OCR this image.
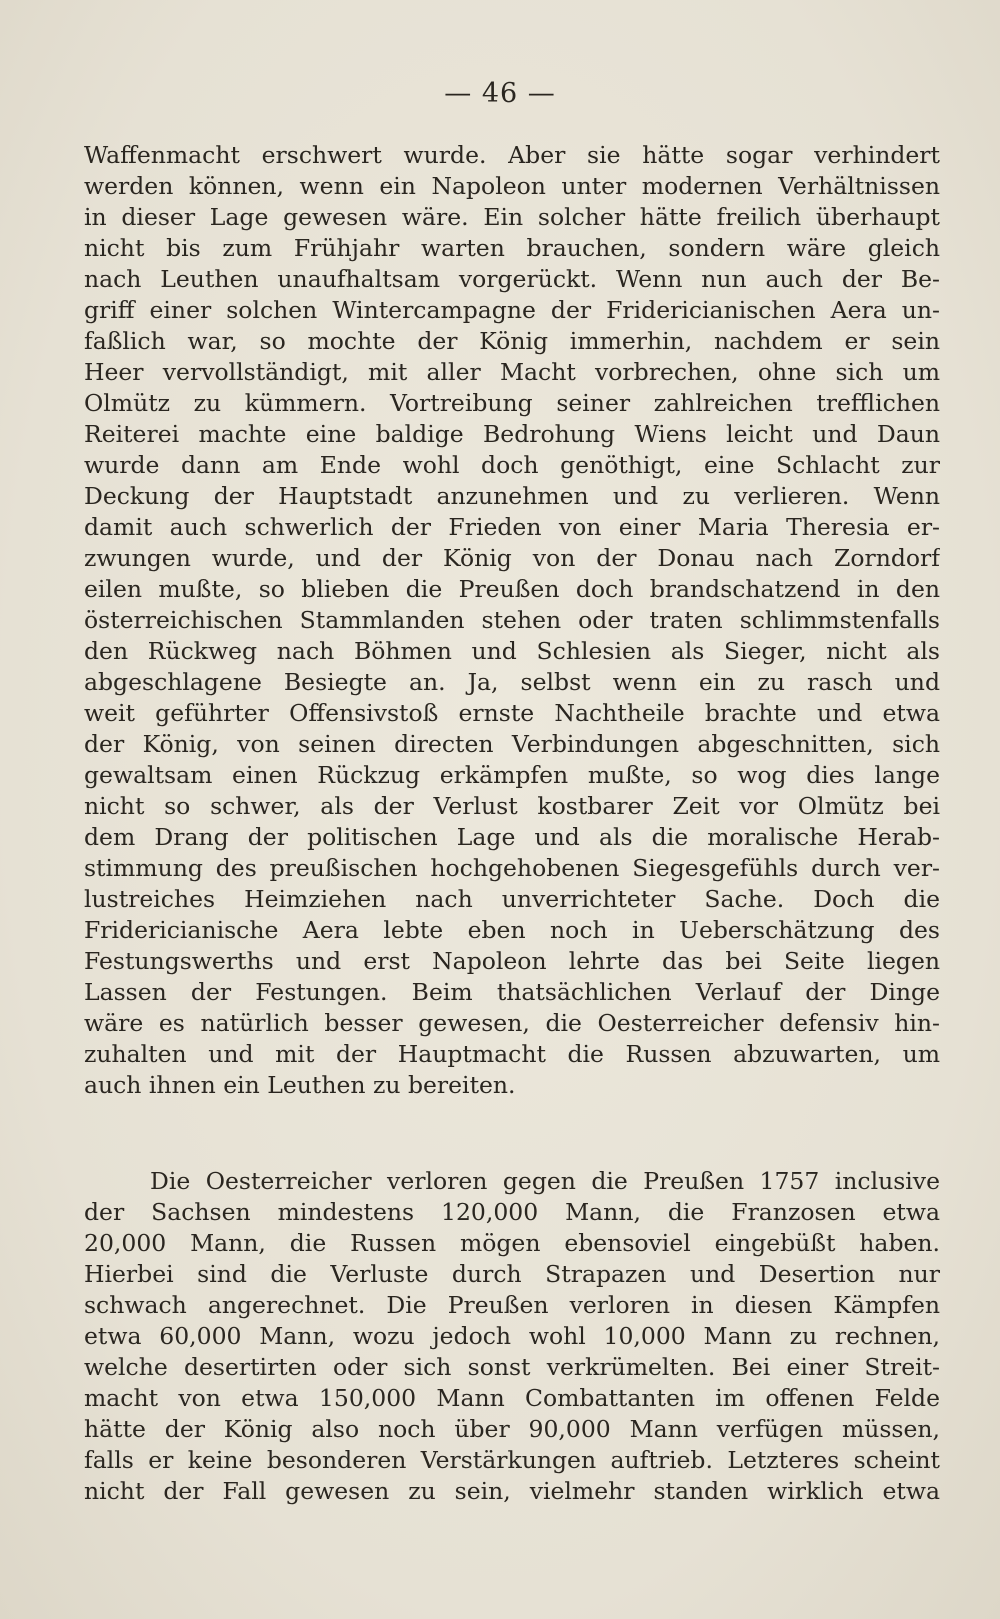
— 46 —
Waffenmacht erschwert wurde. Aber sie hätte sogar verhindert
werden können, wenn ein Napoleon unter modernen Verhältnissen
in dieser Lage gewesen wäre. Ein solcher hätte freilich überhaupt
nicht bis zum Frühjahr warten brauchen, sondern wäre gleich
nach Leuthen unaufhaltsam vorgerückt. Wenn nun auch der Be-
griff einer solchen Wintercampagne der Fridericianischen Aera un-
faßlich war, so mochte der König immerhin, nachdem er sein
Heer vervollständigt, mit aller Macht vorbrechen, ohne sich um
Olmütz zu kümmern. Vortreibung seiner zahlreichen trefflichen
Reiterei machte eine baldige Bedrohung Wiens leicht und Daun
wurde dann am Ende wohl doch genöthigt, eine Schlacht zur
Deckung der Hauptstadt anzunehmen und zu verlieren. Wenn
damit auch schwerlich der Frieden von einer Maria Theresia er-
zwungen wurde, und der König von der Donau nach Zorndorf
eilen mußte, so blieben die Preußen doch brandschatzend in den
österreichischen Stammlanden stehen oder traten schlimmstenfalls
den Rückweg nach Böhmen und Schlesien als Sieger, nicht als
abgeschlagene Besiegte an. Ja, selbst wenn ein zu rasch und
weit geführter Offensivstoß ernste Nachtheile brachte und etwa
der König, von seinen directen Verbindungen abgeschnitten, sich
gewaltsam einen Rückzug erkämpfen mußte, so wog dies lange
nicht so schwer, als der Verlust kostbarer Zeit vor Olmütz bei
dem Drang der politischen Lage und als die moralische Herab-
stimmung des preußischen hochgehobenen Siegesgefühls durch ver-
lustreiches Heimziehen nach unverrichteter Sache. Doch die
Fridericianische Aera lebte eben noch in Ueberschätzung des
Festungswerths und erst Napoleon lehrte das bei Seite liegen
Lassen der Festungen. Beim thatsächlichen Verlauf der Dinge
wäre es natürlich besser gewesen, die Oesterreicher defensiv hin-
zuhalten und mit der Hauptmacht die Russen abzuwarten, um
auch ihnen ein Leuthen zu bereiten.
Die Oesterreicher verloren gegen die Preußen 1757 inclusive
der Sachsen mindestens 120,000 Mann, die Franzosen etwa
20,000 Mann, die Russen mögen ebensoviel eingebüßt haben.
Hierbei sind die Verluste durch Strapazen und Desertion nur
schwach angerechnet. Die Preußen verloren in diesen Kämpfen
etwa 60,000 Mann, wozu jedoch wohl 10,000 Mann zu rechnen,
welche desertirten oder sich sonst verkrümelten. Bei einer Streit-
macht von etwa 150,000 Mann Combattanten im offenen Felde
hätte der König also noch über 90,000 Mann verfügen müssen,
falls er keine besonderen Verstärkungen auftrieb. Letzteres scheint
nicht der Fall gewesen zu sein, vielmehr standen wirklich etwa
